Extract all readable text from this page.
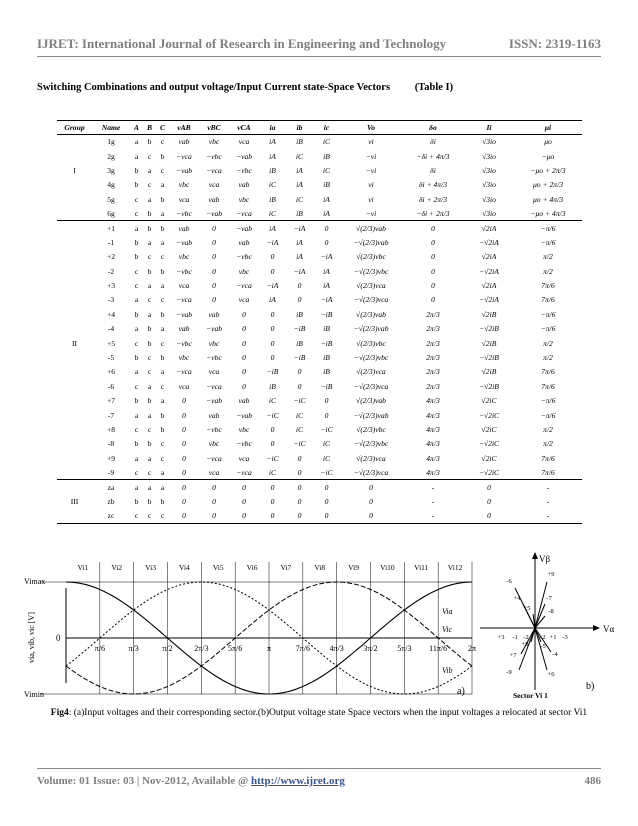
IJRET: International Journal of Research in Engineering and Technology	ISSN: 2319-1163
Switching Combinations and output voltage/Input Current state-Space Vectors (Table I)
Group	Name	A	B	C	vAB	vBC	vCA	ia	ib	ic	Vo	δo	Ii	μi
	1g	a	b	c	vab	vbc	vca	iA	iB	iC	vi	δi	√3io	μo
	2g	a	c	b	−vca	−vbc	−vab	iA	iC	iB	−vi	−δi + 4π/3	√3io	−μo
I	3g	b	a	c	−vab	−vca	−vbc	iB	iA	iC	−vi	δi	√3io	−μo + 2π/3
	4g	b	c	a	vbc	vca	vab	iC	iA	iB	vi	δi + 4π/3	√3io	μo + 2π/3
	5g	c	a	b	vca	vab	vbc	iB	iC	iA	vi	δi + 2π/3	√3io	μo + 4π/3
	6g	c	b	a	−vbc	−vab	−vca	iC	iB	iA	−vi	−δi + 2π/3	√3io	−μo + 4π/3
	+1	a	b	b	vab	0	−vab	iA	−iA	0	√(2/3)vab	0	√2iA	−π/6
	-1	b	a	a	−vab	0	vab	−iA	iA	0	−√(2/3)vab	0	−√2iA	−π/6
	+2	b	c	c	vbc	0	−vbc	0	iA	−iA	√(2/3)vbc	0	√2iA	π/2
	-2	c	b	b	−vbc	0	vbc	0	−iA	iA	−√(2/3)vbc	0	−√2iA	π/2
	+3	c	a	a	vca	0	−vca	−iA	0	iA	√(2/3)vca	0	√2iA	7π/6
	-3	a	c	c	−vca	0	vca	iA	0	−iA	−√(2/3)vca	0	−√2iA	7π/6
	+4	b	a	b	−vab	vab	0	0	iB	−iB	√(2/3)vab	2π/3	√2iB	−π/6
	-4	a	b	a	vab	−vab	0	0	−iB	iB	−√(2/3)vab	2π/3	−√2iB	−π/6
II	+5	c	b	c	−vbc	vbc	0	0	iB	−iB	√(2/3)vbc	2π/3	√2iB	π/2
	-5	b	c	b	vbc	−vbc	0	0	−iB	iB	−√(2/3)vbc	2π/3	−√2iB	π/2
	+6	a	c	a	−vca	vca	0	−iB	0	iB	√(2/3)vca	2π/3	√2iB	7π/6
	-6	c	a	c	vca	−vca	0	iB	0	−iB	−√(2/3)vca	2π/3	−√2iB	7π/6
	+7	b	b	a	0	−vab	vab	iC	−iC	0	√(2/3)vab	4π/3	√2iC	−π/6
	-7	a	a	b	0	vab	−vab	−iC	iC	0	−√(2/3)vab	4π/3	−√2iC	−π/6
	+8	c	c	b	0	−vbc	vbc	0	iC	−iC	√(2/3)vbc	4π/3	√2iC	π/2
	-8	b	b	c	0	vbc	−vbc	0	−iC	iC	−√(2/3)vbc	4π/3	−√2iC	π/2
	+9	a	a	c	0	−vca	vca	−iC	0	iC	√(2/3)vca	4π/3	√2iC	7π/6
	-9	c	c	a	0	vca	−vca	iC	0	−iC	−√(2/3)vca	4π/3	−√2iC	7π/6
	za	a	a	a	0	0	0	0	0	0	0	-	0	-
III	zb	b	b	b	0	0	0	0	0	0	0	-	0	-
	zc	c	c	c	0	0	0	0	0	0	0	-	0	-
Vimax
Vimin
0
via, vib, vic [V]
Vi1	Vi2	Vi3	Vi4	Vi5	Vi6	Vi7	Vi8	Vi9	Vi10	Vi11	Vi12
π/6	π/3	π/2	2π/3 5π/6	π	7π/6 4π/3 3π/2 5π/3 11π/6	2π
Via
Vic
Vib
a)
Vβ
Vα
+9
-6
+4	-7
+5	-8
+3 -1 -2 +2 +1 -3
+8 -5
+7	-4
-9	+6
Sector Vi 1
b)
Fig4: (a)Input voltages and their corresponding sector.(b)Output voltage state Space vectors when the input voltages a relocated at sector Vi1
Volume: 01 Issue: 03 | Nov-2012, Available @ http://www.ijret.org	486
